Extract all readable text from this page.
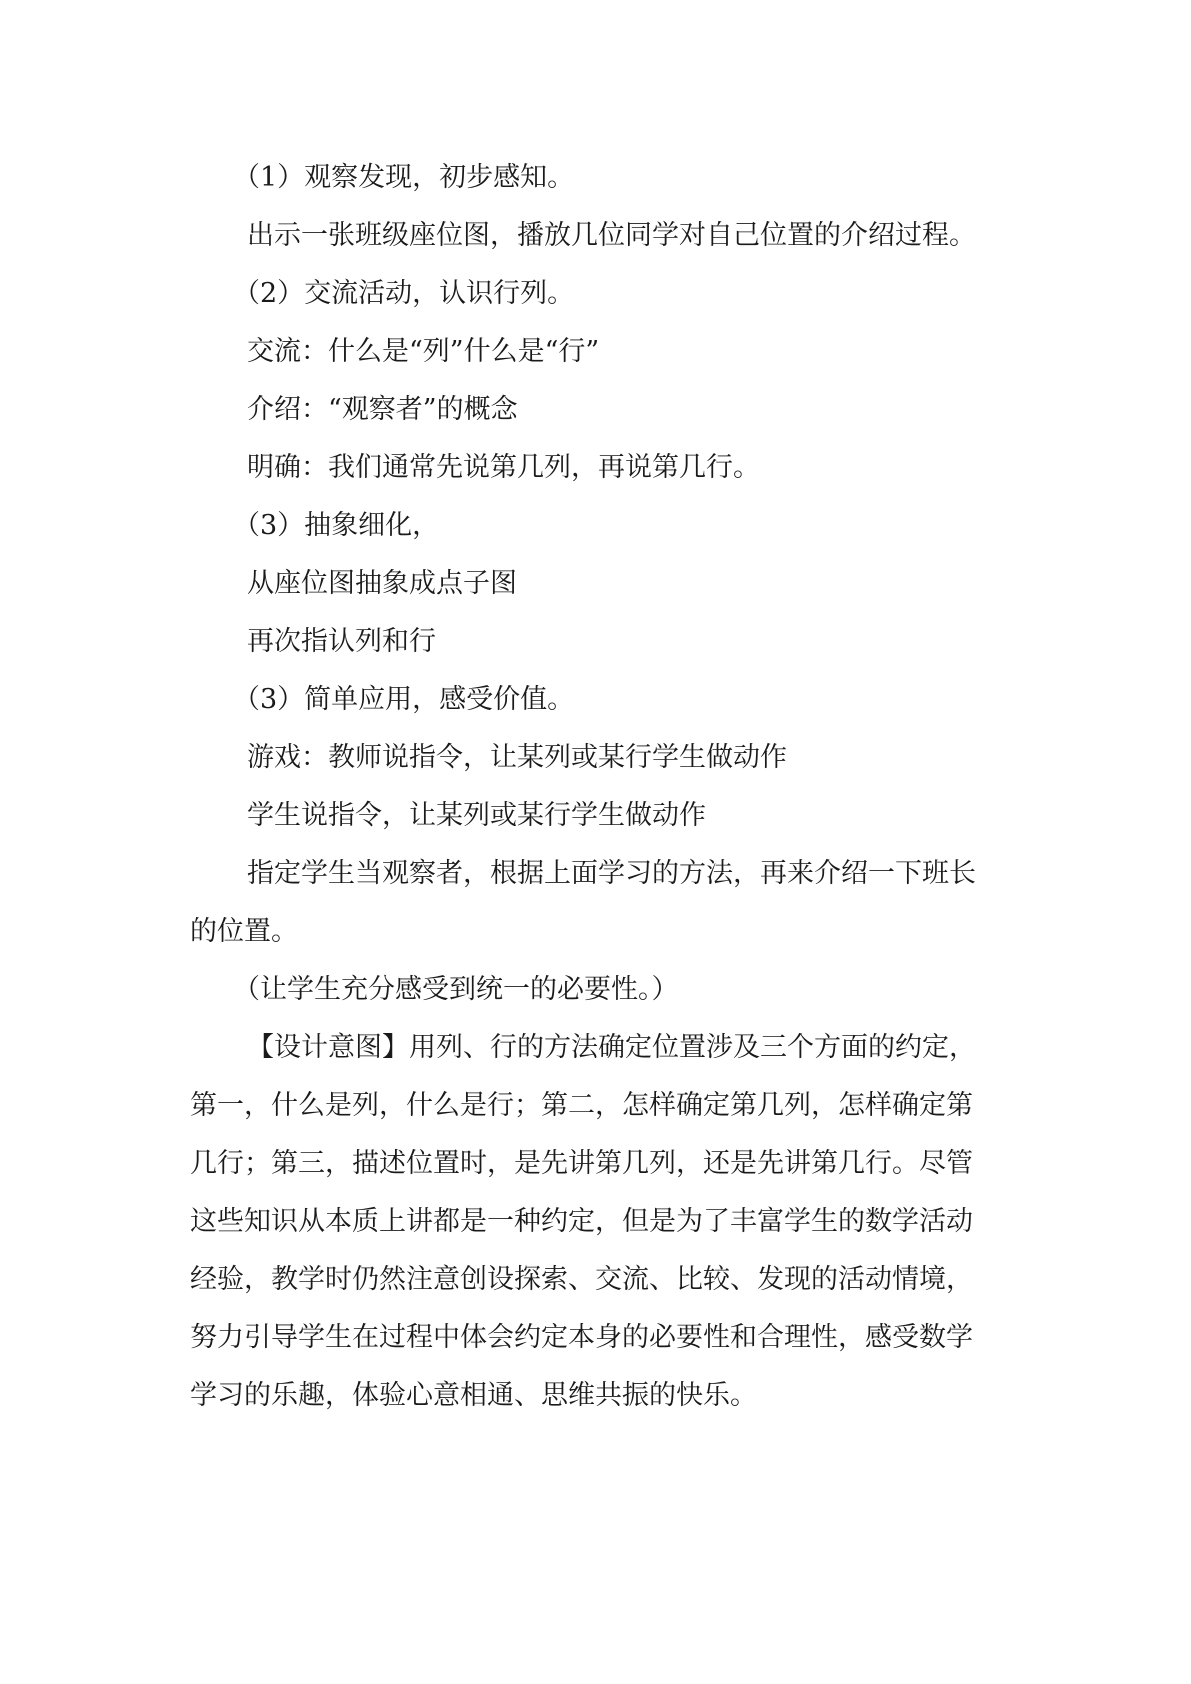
（1）观察发现，初步感知。

出示一张班级座位图，播放几位同学对自己位置的介绍过程。

（2）交流活动，认识行列。

交流：什么是“列”什么是“行”

介绍：“观察者”的概念

明确：我们通常先说第几列，再说第几行。

（3）抽象细化，

从座位图抽象成点子图

再次指认列和行

（3）简单应用，感受价值。

游戏：教师说指令，让某列或某行学生做动作

学生说指令，让某列或某行学生做动作

指定学生当观察者，根据上面学习的方法，再来介绍一下班长

的位置。

（让学生充分感受到统一的必要性。）

【设计意图】用列、行的方法确定位置涉及三个方面的约定，

第一，什么是列，什么是行；第二，怎样确定第几列，怎样确定第

几行；第三，描述位置时，是先讲第几列，还是先讲第几行。尽管

这些知识从本质上讲都是一种约定，但是为了丰富学生的数学活动

经验，教学时仍然注意创设探索、交流、比较、发现的活动情境，

努力引导学生在过程中体会约定本身的必要性和合理性，感受数学

学习的乐趣，体验心意相通、思维共振的快乐。
